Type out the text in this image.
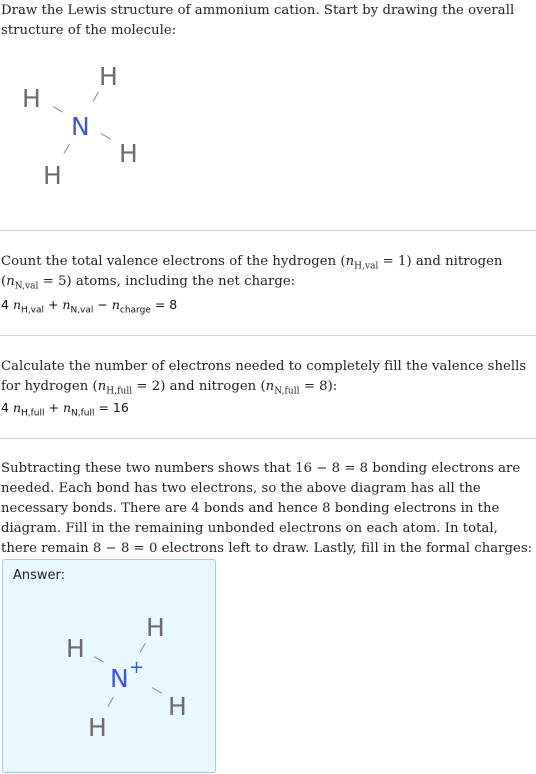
Draw the Lewis structure of ammonium cation. Start by drawing the overall structure of the molecule:

H
H
N
H
H

Count the total valence electrons of the hydrogen $(n_{H,val} = 1)$ and nitrogen $(n_{N,val} = 5)$ atoms, including the net charge:

4 $n_{H,val} + n_{N,val} - n_{charge} = 8$

Calculate the number of electrons needed to completely fill the valence shells for hydrogen $(n_{H,full} = 2)$ and nitrogen $(n_{N,full} = 8)$:

4 $n_{H,full} + n_{N,full} = 16$

Subtracting these two numbers shows that 16 − 8 = 8 bonding electrons are needed. Each bond has two electrons, so the above diagram has all the necessary bonds. There are 4 bonds and hence 8 bonding electrons in the diagram. Fill in the remaining unbonded electrons on each atom. In total, there remain 8 − 8 = 0 electrons left to draw. Lastly, fill in the formal charges:

Answer:
H
H
N +
H
H
